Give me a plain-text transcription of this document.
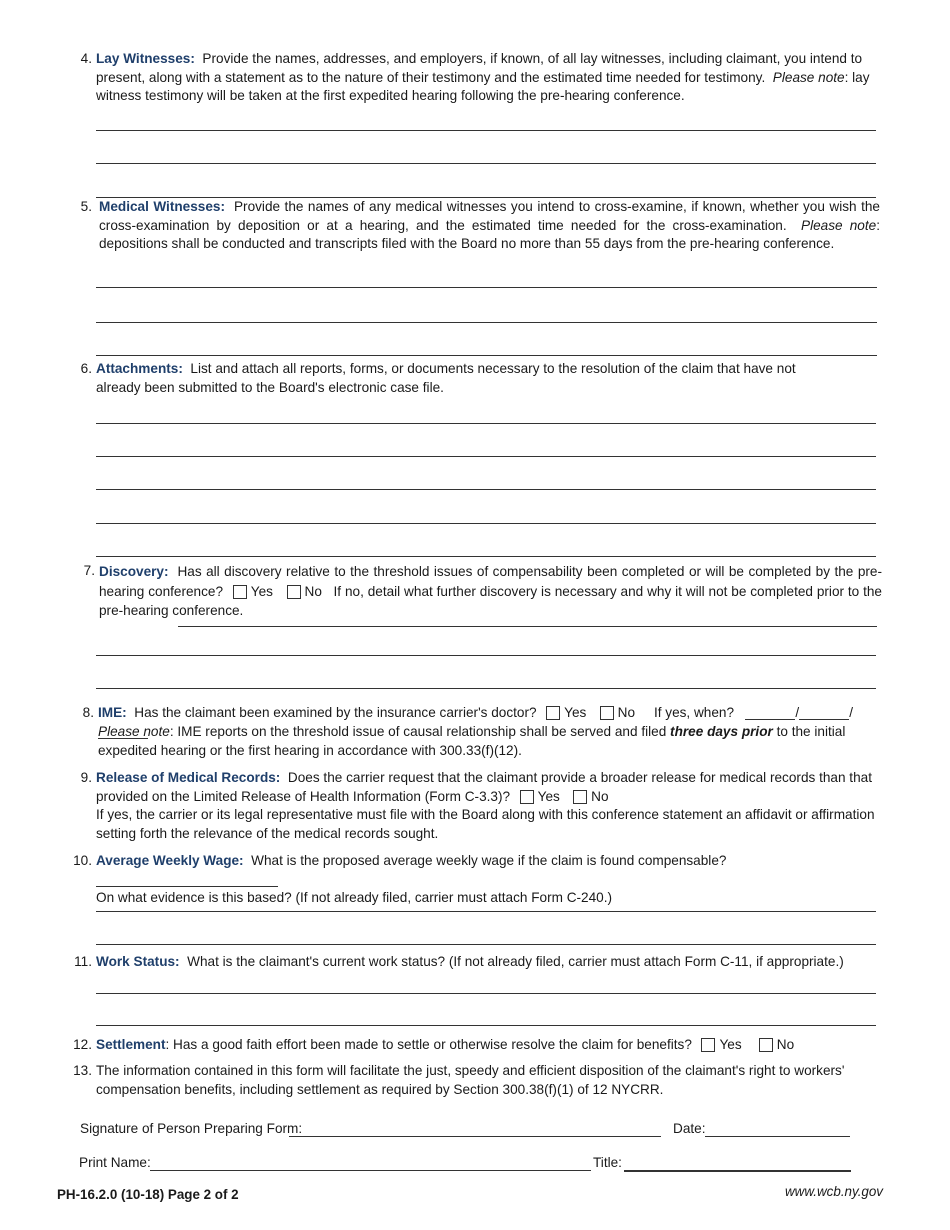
4. Lay Witnesses: Provide the names, addresses, and employers, if known, of all lay witnesses, including claimant, you intend to present, along with a statement as to the nature of their testimony and the estimated time needed for testimony. Please note: lay witness testimony will be taken at the first expedited hearing following the pre-hearing conference.
5. Medical Witnesses: Provide the names of any medical witnesses you intend to cross-examine, if known, whether you wish the cross-examination by deposition or at a hearing, and the estimated time needed for the cross-examination. Please note: depositions shall be conducted and transcripts filed with the Board no more than 55 days from the pre-hearing conference.
6. Attachments: List and attach all reports, forms, or documents necessary to the resolution of the claim that have not already been submitted to the Board's electronic case file.
7. Discovery: Has all discovery relative to the threshold issues of compensability been completed or will be completed by the pre-hearing conference? Yes No If no, detail what further discovery is necessary and why it will not be completed prior to the pre-hearing conference.
8. IME: Has the claimant been examined by the insurance carrier's doctor? Yes No If yes, when?	/	/
Please note: IME reports on the threshold issue of causal relationship shall be served and filed three days prior to the initial expedited hearing or the first hearing in accordance with 300.33(f)(12).
9. Release of Medical Records: Does the carrier request that the claimant provide a broader release for medical records than that provided on the Limited Release of Health Information (Form C-3.3)? Yes No
If yes, the carrier or its legal representative must file with the Board along with this conference statement an affidavit or affirmation setting forth the relevance of the medical records sought.
10. Average Weekly Wage: What is the proposed average weekly wage if the claim is found compensable?
On what evidence is this based? (If not already filed, carrier must attach Form C-240.)
11. Work Status: What is the claimant's current work status? (If not already filed, carrier must attach Form C-11, if appropriate.)
12. Settlement: Has a good faith effort been made to settle or otherwise resolve the claim for benefits? Yes	No
13. The information contained in this form will facilitate the just, speedy and efficient disposition of the claimant's right to workers' compensation benefits, including settlement as required by Section 300.38(f)(1) of 12 NYCRR.
Signature of Person Preparing Form:	Date:
Print Name:	Title:
PH-16.2.0 (10-18) Page 2 of 2	www.wcb.ny.gov
